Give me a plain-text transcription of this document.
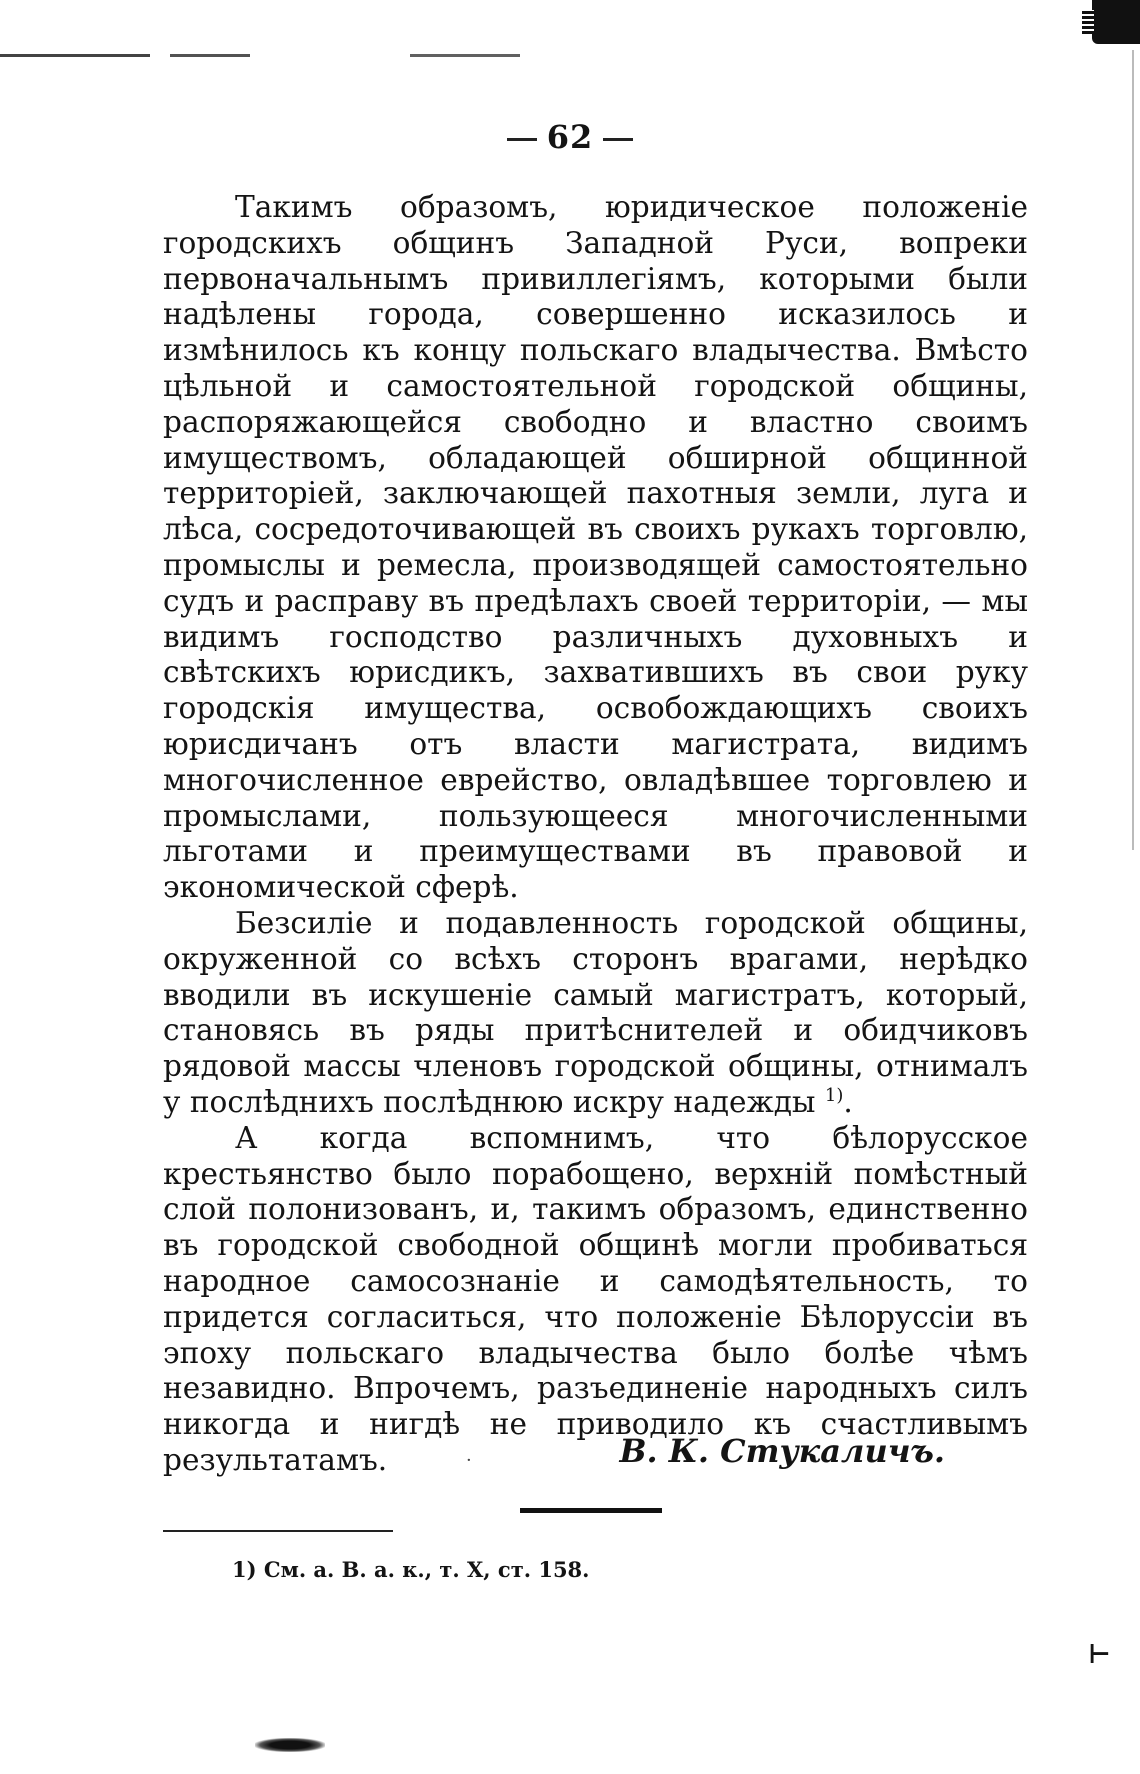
62

Такимъ образомъ, юридическое положеніе городскихъ общинъ Западной Руси, вопреки первоначальнымъ привиллегіямъ, которыми были надѣлены города, совершенно исказилось и измѣнилось къ концу польскаго владычества. Вмѣсто цѣльной и самостоятельной городской общины, распоряжающейся свободно и властно своимъ имуществомъ, обладающей обширной общинной территоріей, заключающей пахотныя земли, луга и лѣса, сосредоточивающей въ своихъ рукахъ торговлю, промыслы и ремесла, производящей самостоятельно судъ и расправу въ предѣлахъ своей территоріи, — мы видимъ господство различныхъ духовныхъ и свѣтскихъ юрисдикъ, захватившихъ въ свои руку городскія имущества, освобождающихъ своихъ юрисдичанъ отъ власти магистрата, видимъ многочисленное еврейство, овладѣвшее торговлею и промыслами, пользующееся многочисленными льготами и преимуществами въ правовой и экономической сферѣ.

Безсиліе и подавленность городской общины, окруженной со всѣхъ сторонъ врагами, нерѣдко вводили въ искушеніе самый магистратъ, который, становясь въ ряды притѣснителей и обидчиковъ рядовой массы членовъ городской общины, отнималъ у послѣднихъ послѣднюю искру надежды $^{1)}$.

А когда вспомнимъ, что бѣлорусское крестьянство было порабощено, верхній помѣстный слой полонизованъ, и, такимъ образомъ, единственно въ городской свободной общинѣ могли пробиваться народное самосознаніе и самодѣятельность, то придется согласиться, что положеніе Бѣлоруссіи въ эпоху польскаго владычества было болѣе чѣмъ незавидно. Впрочемъ, разъединеніе народныхъ силъ никогда и нигдѣ не приводило къ счастливымъ результатамъ.	·	В. К. Стукаличъ.
1) См. а. В. а. к., т. X, ст. 158.
⊢
